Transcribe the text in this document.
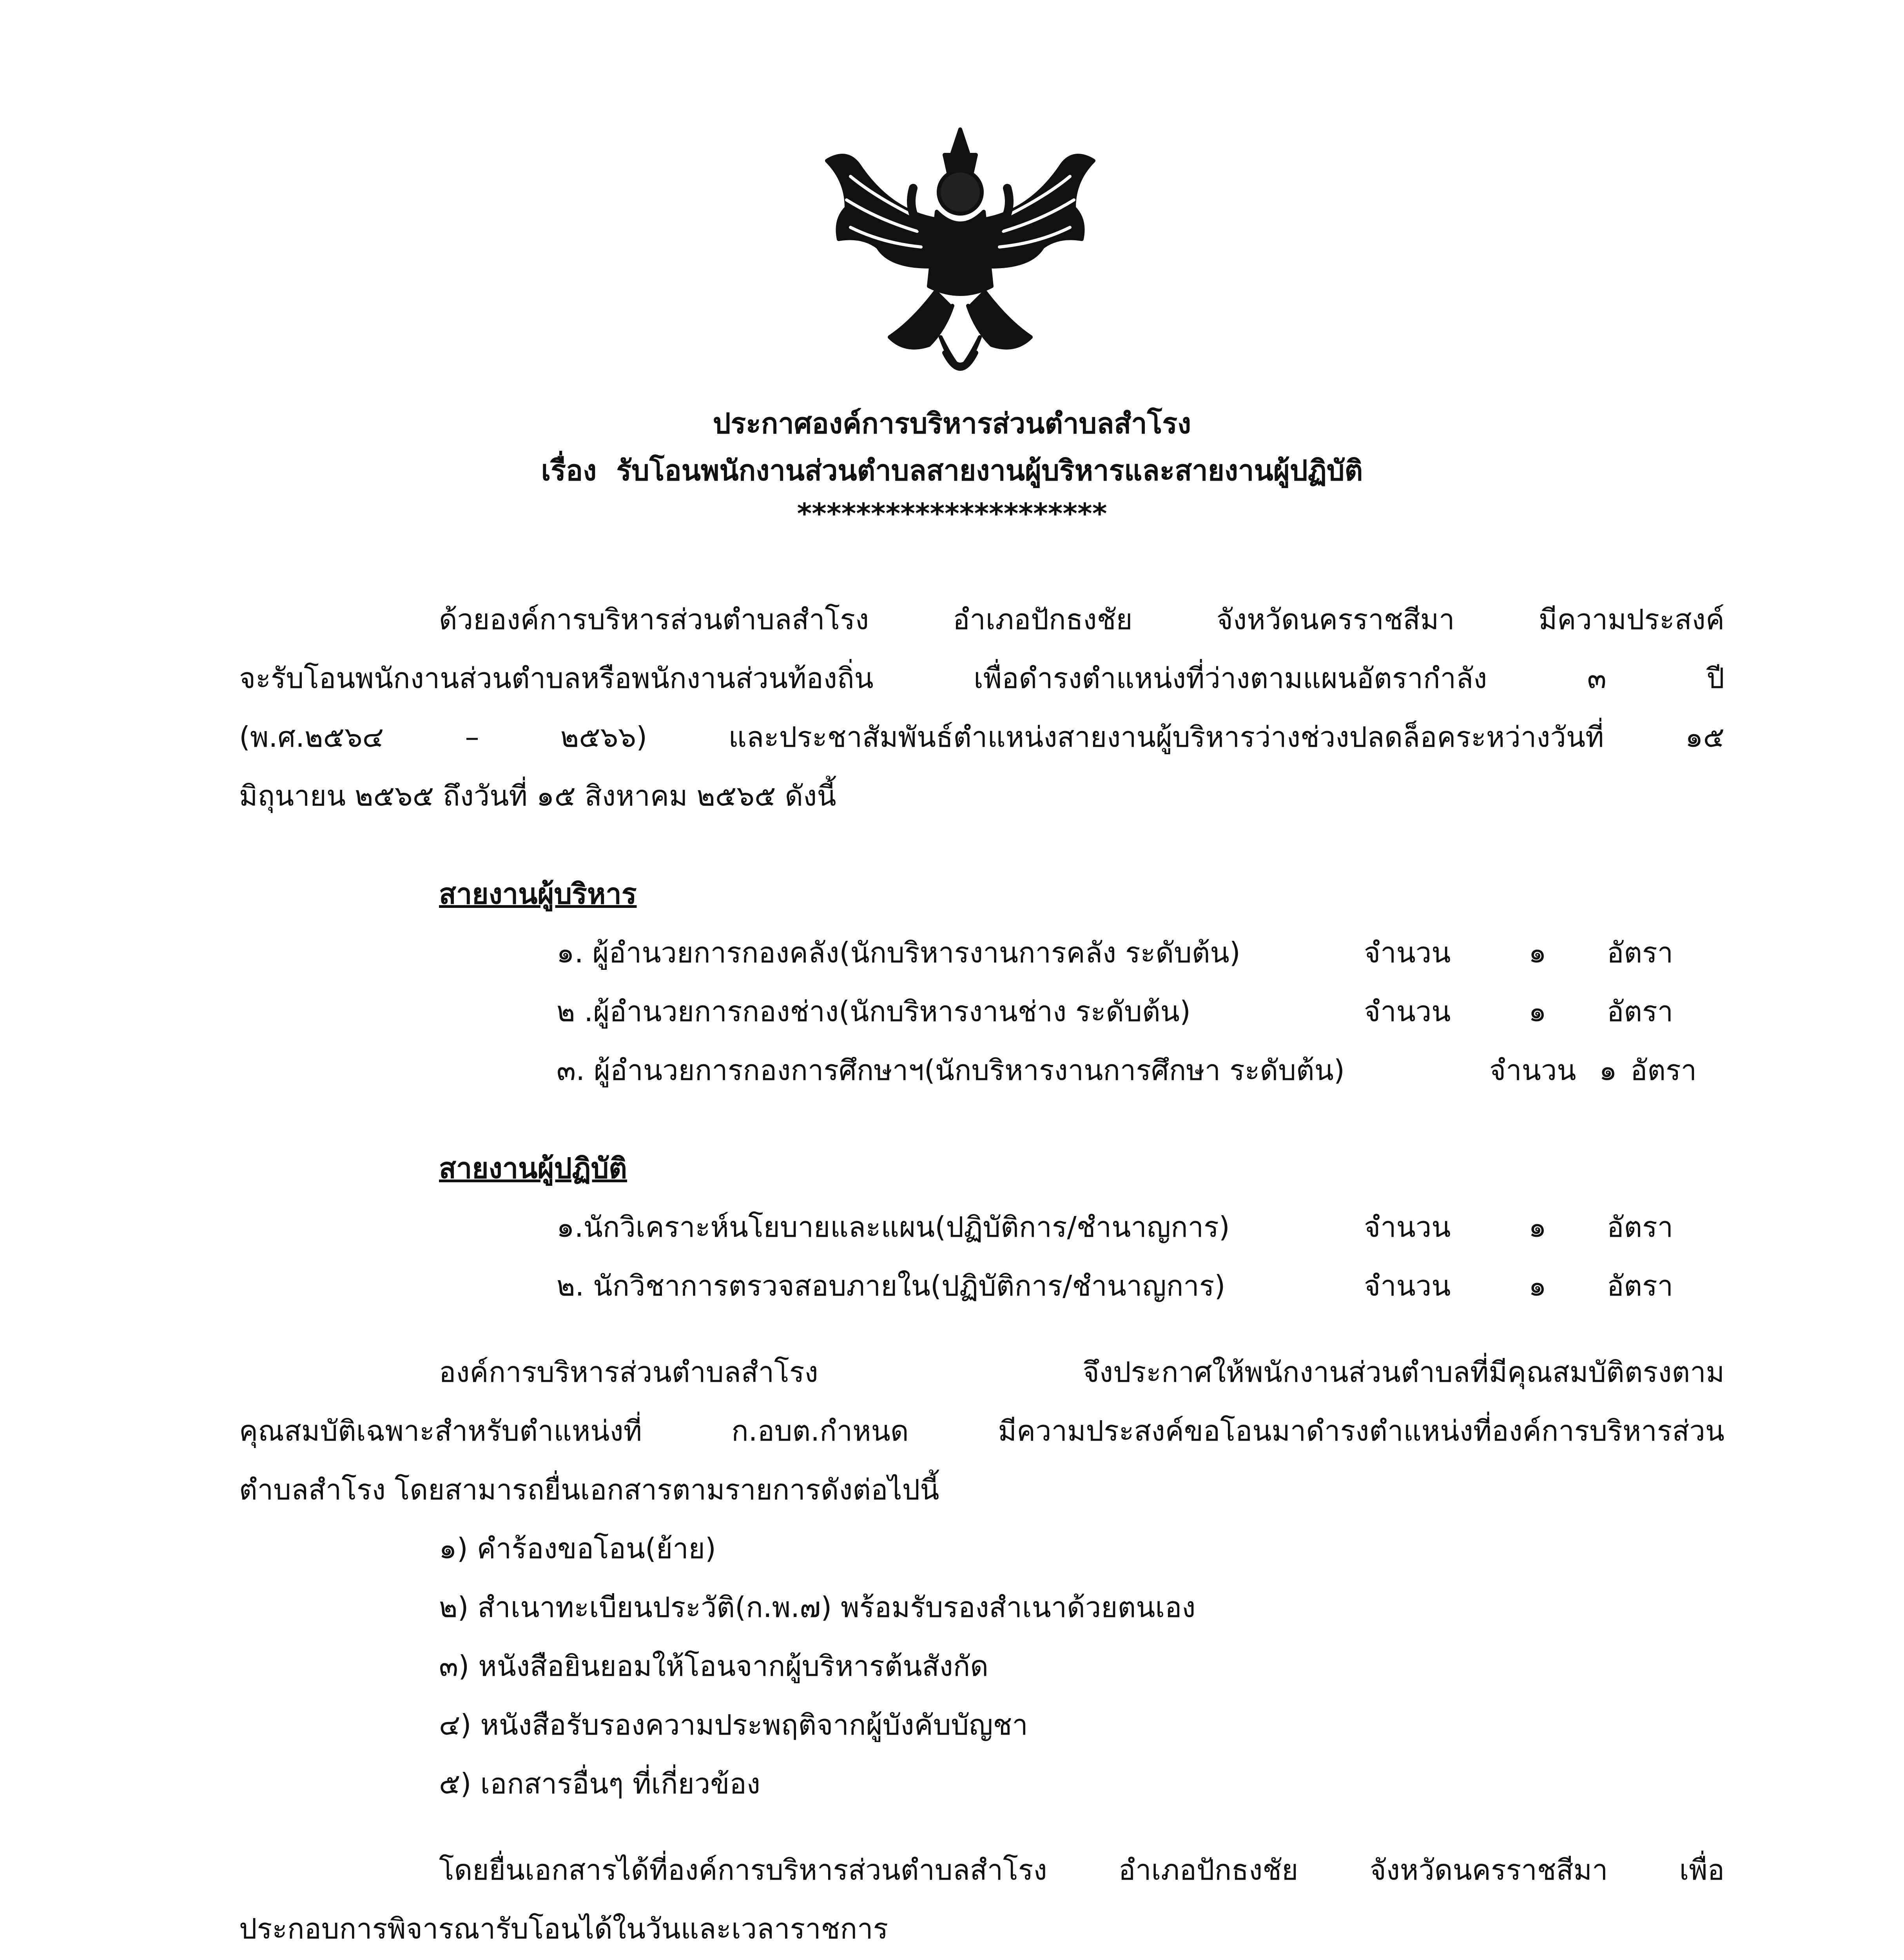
ประกาศองค์การบริหารส่วนตำบลสำโรง
เรื่อง รับโอนพนักงานส่วนตำบลสายงานผู้บริหารและสายงานผู้ปฏิบัติ
*********************
ด้วยองค์การบริหารส่วนตำบลสำโรง อำเภอปักธงชัย จังหวัดนครราชสีมา มีความประสงค์
จะรับโอนพนักงานส่วนตำบลหรือพนักงานส่วนท้องถิ่น เพื่อดำรงตำแหน่งที่ว่างตามแผนอัตรากำลัง ๓ ปี
(พ.ศ.๒๕๖๔ – ๒๕๖๖) และประชาสัมพันธ์ตำแหน่งสายงานผู้บริหารว่างช่วงปลดล็อคระหว่างวันที่ ๑๕
มิถุนายน ๒๕๖๕ ถึงวันที่ ๑๕ สิงหาคม ๒๕๖๕ ดังนี้
สายงานผู้บริหาร
๑. ผู้อำนวยการกองคลัง(นักบริหารงานการคลัง ระดับต้น)	จำนวน	๑ อัตรา
๒ .ผู้อำนวยการกองช่าง(นักบริหารงานช่าง ระดับต้น)	จำนวน	๑ อัตรา
๓. ผู้อำนวยการกองการศึกษาฯ(นักบริหารงานการศึกษา ระดับต้น)	จำนวน ๑ อัตรา
สายงานผู้ปฏิบัติ
๑.นักวิเคราะห์นโยบายและแผน(ปฏิบัติการ/ชำนาญการ)	จำนวน	๑ อัตรา
๒. นักวิชาการตรวจสอบภายใน(ปฏิบัติการ/ชำนาญการ)	จำนวน	๑ อัตรา
องค์การบริหารส่วนตำบลสำโรง จึงประกาศให้พนักงานส่วนตำบลที่มีคุณสมบัติตรงตาม
คุณสมบัติเฉพาะสำหรับตำแหน่งที่ ก.อบต.กำหนด มีความประสงค์ขอโอนมาดำรงตำแหน่งที่องค์การบริหารส่วน
ตำบลสำโรง โดยสามารถยื่นเอกสารตามรายการดังต่อไปนี้
๑) คำร้องขอโอน(ย้าย)
๒) สำเนาทะเบียนประวัติ(ก.พ.๗) พร้อมรับรองสำเนาด้วยตนเอง
๓) หนังสือยินยอมให้โอนจากผู้บริหารต้นสังกัด
๔) หนังสือรับรองความประพฤติจากผู้บังคับบัญชา
๕) เอกสารอื่นๆ ที่เกี่ยวข้อง
โดยยื่นเอกสารได้ที่องค์การบริหารส่วนตำบลสำโรง อำเภอปักธงชัย จังหวัดนครราชสีมา เพื่อ
ประกอบการพิจารณารับโอนได้ในวันและเวลาราชการ
